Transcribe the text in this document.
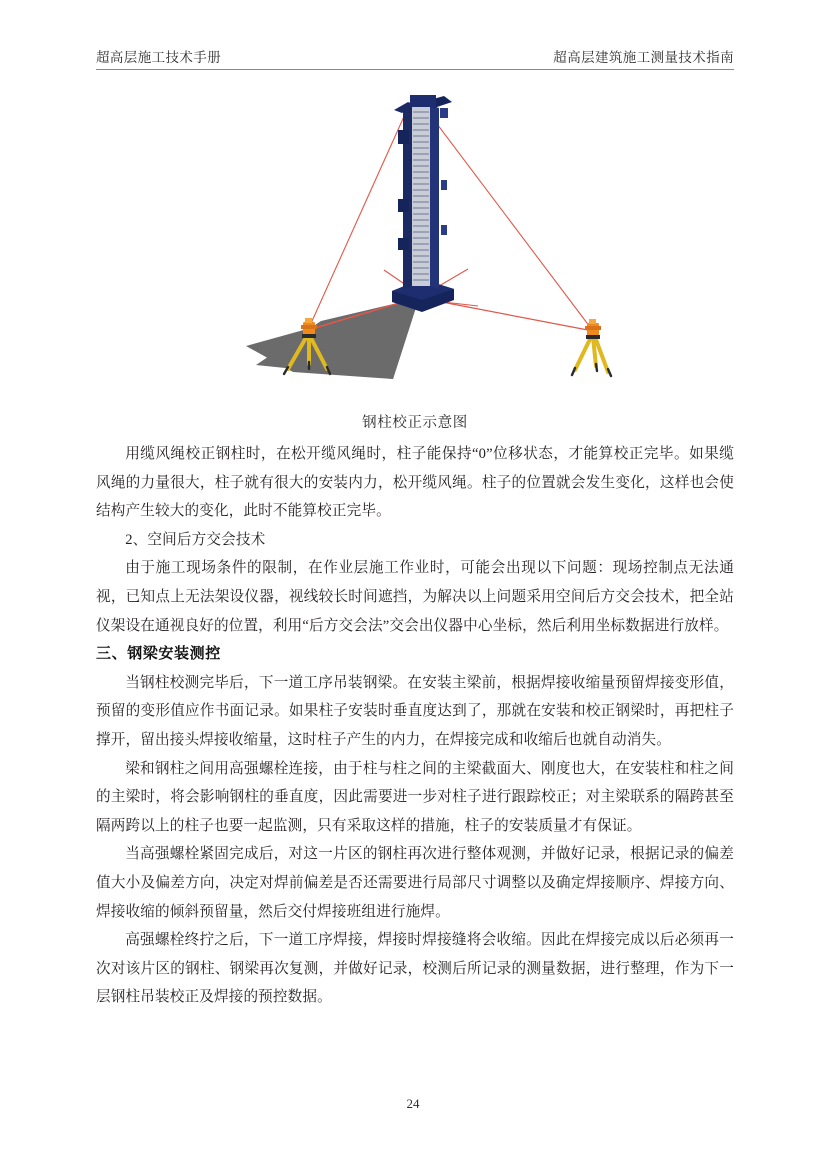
超高层施工技术手册	超高层建筑施工测量技术指南
钢柱校正示意图

用缆风绳校正钢柱时，在松开缆风绳时，柱子能保持“0”位移状态，才能算校正完毕。如果缆风绳的力量很大，柱子就有很大的安装内力，松开缆风绳。柱子的位置就会发生变化，这样也会使结构产生较大的变化，此时不能算校正完毕。

2、空间后方交会技术

由于施工现场条件的限制，在作业层施工作业时，可能会出现以下问题：现场控制点无法通视，已知点上无法架设仪器，视线较长时间遮挡，为解决以上问题采用空间后方交会技术，把全站仪架设在通视良好的位置，利用“后方交会法”交会出仪器中心坐标，然后利用坐标数据进行放样。

三、钢梁安装测控

当钢柱校测完毕后，下一道工序吊装钢梁。在安装主梁前，根据焊接收缩量预留焊接变形值，预留的变形值应作书面记录。如果柱子安装时垂直度达到了，那就在安装和校正钢梁时，再把柱子撑开，留出接头焊接收缩量，这时柱子产生的内力，在焊接完成和收缩后也就自动消失。

梁和钢柱之间用高强螺栓连接，由于柱与柱之间的主梁截面大、刚度也大，在安装柱和柱之间的主梁时，将会影响钢柱的垂直度，因此需要进一步对柱子进行跟踪校正；对主梁联系的隔跨甚至隔两跨以上的柱子也要一起监测，只有采取这样的措施，柱子的安装质量才有保证。

当高强螺栓紧固完成后，对这一片区的钢柱再次进行整体观测，并做好记录，根据记录的偏差值大小及偏差方向，决定对焊前偏差是否还需要进行局部尺寸调整以及确定焊接顺序、焊接方向、焊接收缩的倾斜预留量，然后交付焊接班组进行施焊。

高强螺栓终拧之后，下一道工序焊接，焊接时焊接缝将会收缩。因此在焊接完成以后必须再一次对该片区的钢柱、钢梁再次复测，并做好记录，校测后所记录的测量数据，进行整理，作为下一层钢柱吊装校正及焊接的预控数据。

24
